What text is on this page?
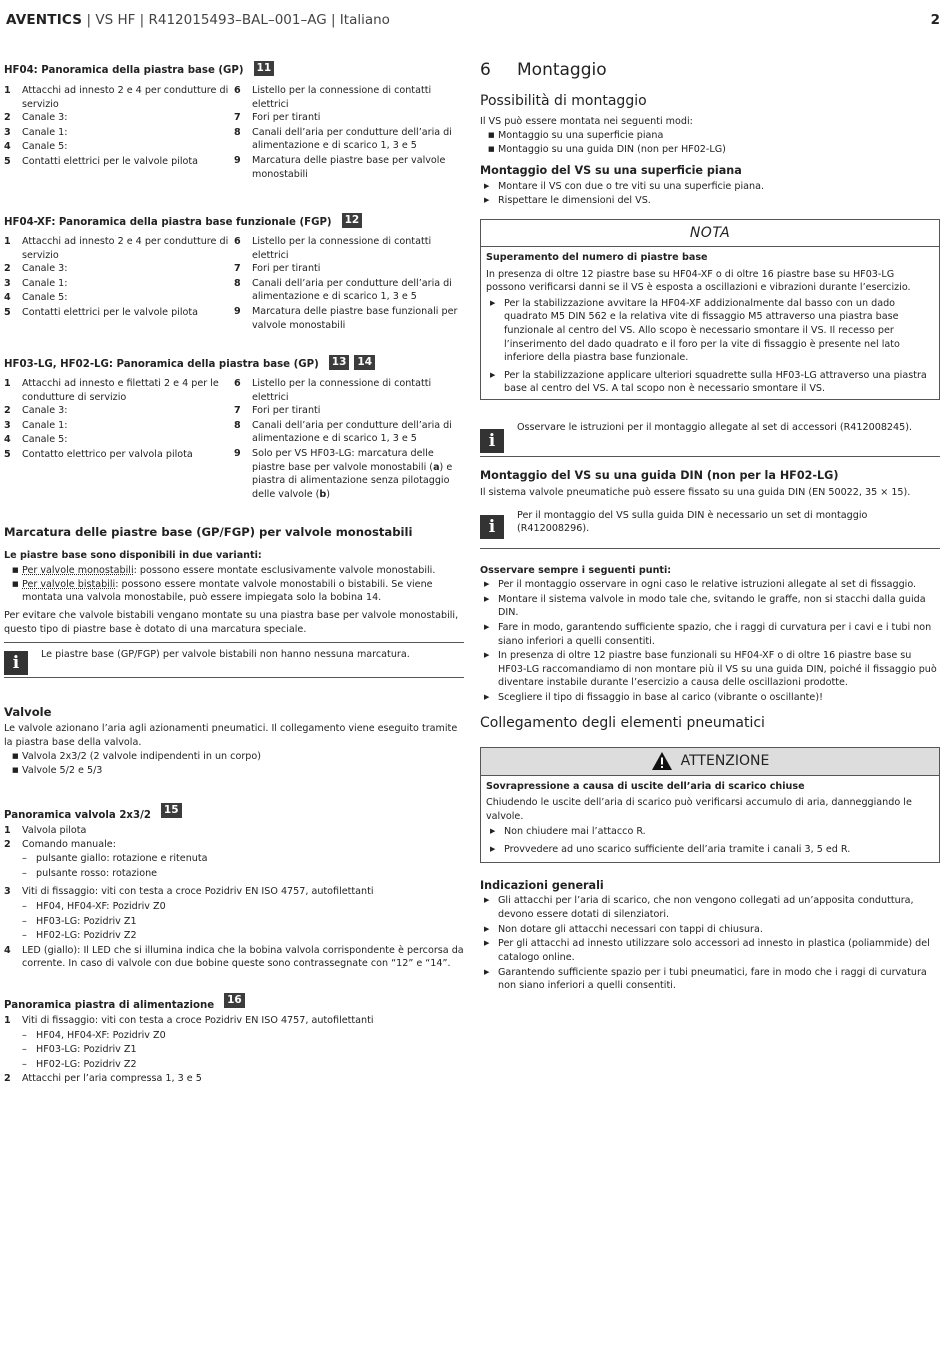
AVENTICS | VS HF | R412015493–BAL–001–AG | Italiano	2
HF04: Panoramica della piastra base (GP) 11
1	Attacchi ad innesto 2 e 4 per condutture di servizio
2	Canale 3:
3	Canale 1:
4	Canale 5:
5	Contatti elettrici per le valvole pilota
6	Listello per la connessione di contatti elettrici
7	Fori per tiranti
8	Canali dell’aria per condutture dell’aria di alimentazione e di scarico 1, 3 e 5
9	Marcatura delle piastre base per valvole monostabili
HF04-XF: Panoramica della piastra base funzionale (FGP) 12
1	Attacchi ad innesto 2 e 4 per condutture di servizio
2	Canale 3:
3	Canale 1:
4	Canale 5:
5	Contatti elettrici per le valvole pilota
6	Listello per la connessione di contatti elettrici
7	Fori per tiranti
8	Canali dell’aria per condutture dell’aria di alimentazione e di scarico 1, 3 e 5
9	Marcatura delle piastre base funzionali per valvole monostabili
HF03-LG, HF02-LG: Panoramica della piastra base (GP) 13 14
1	Attacchi ad innesto e filettati 2 e 4 per le condutture di servizio
2	Canale 3:
3	Canale 1:
4	Canale 5:
5	Contatto elettrico per valvola pilota
6	Listello per la connessione di contatti elettrici
7	Fori per tiranti
8	Canali dell’aria per condutture dell’aria di alimentazione e di scarico 1, 3 e 5
9	Solo per VS HF03-LG: marcatura delle piastre base per valvole monostabili (a) e piastra di alimentazione senza pilotaggio delle valvole (b)
Marcatura delle piastre base (GP/FGP) per valvole monostabili
Le piastre base sono disponibili in due varianti:
■ Per valvole monostabili: possono essere montate esclusivamente valvole monostabili.
■ Per valvole bistabili: possono essere montate valvole monostabili o bistabili. Se viene montata una valvola monostabile, può essere impiegata solo la bobina 14.
Per evitare che valvole bistabili vengano montate su una piastra base per valvole monostabili, questo tipo di piastre base è dotato di una marcatura speciale.
i	Le piastre base (GP/FGP) per valvole bistabili non hanno nessuna marcatura.
Valvole
Le valvole azionano l’aria agli azionamenti pneumatici. Il collegamento viene eseguito tramite la piastra base della valvola.
■ Valvola 2x3/2 (2 valvole indipendenti in un corpo)
■ Valvole 5/2 e 5/3
Panoramica valvola 2x3/2 15
1	Valvola pilota
2	Comando manuale:
– pulsante giallo: rotazione e ritenuta
– pulsante rosso: rotazione
3	Viti di fissaggio: viti con testa a croce Pozidriv EN ISO 4757, autofilettanti
– HF04, HF04-XF: Pozidriv Z0
– HF03-LG: Pozidriv Z1
– HF02-LG: Pozidriv Z2
4	LED (giallo): Il LED che si illumina indica che la bobina valvola corrispondente è percorsa da corrente. In caso di valvole con due bobine queste sono contrassegnate con “12” e “14”.
Panoramica piastra di alimentazione 16
1	Viti di fissaggio: viti con testa a croce Pozidriv EN ISO 4757, autofilettanti
– HF04, HF04-XF: Pozidriv Z0
– HF03-LG: Pozidriv Z1
– HF02-LG: Pozidriv Z2
2	Attacchi per l’aria compressa 1, 3 e 5
6	Montaggio
Possibilità di montaggio
Il VS può essere montata nei seguenti modi:
■ Montaggio su una superficie piana
■ Montaggio su una guida DIN (non per HF02-LG)
Montaggio del VS su una superficie piana
▶ Montare il VS con due o tre viti su una superficie piana.
▶ Rispettare le dimensioni del VS.
NOTA
Superamento del numero di piastre base
In presenza di oltre 12 piastre base su HF04-XF o di oltre 16 piastre base su HF03-LG possono verificarsi danni se il VS è esposta a oscillazioni e vibrazioni durante l’esercizio.
▶ Per la stabilizzazione avvitare la HF04-XF addizionalmente dal basso con un dado quadrato M5 DIN 562 e la relativa vite di fissaggio M5 attraverso una piastra base funzionale al centro del VS. Allo scopo è necessario smontare il VS. Il recesso per l’inserimento del dado quadrato e il foro per la vite di fissaggio è presente nel lato inferiore della piastra base funzionale.
▶ Per la stabilizzazione applicare ulteriori squadrette sulla HF03-LG attraverso una piastra base al centro del VS. A tal scopo non è necessario smontare il VS.
i
Osservare le istruzioni per il montaggio allegate al set di accessori (R412008245).
Montaggio del VS su una guida DIN (non per la HF02-LG)
Il sistema valvole pneumatiche può essere fissato su una guida DIN (EN 50022, 35 × 15).
i
Per il montaggio del VS sulla guida DIN è necessario un set di montaggio (R412008296).
Osservare sempre i seguenti punti:
▶ Per il montaggio osservare in ogni caso le relative istruzioni allegate al set di fissaggio.
▶ Montare il sistema valvole in modo tale che, svitando le graffe, non si stacchi dalla guida DIN.
▶ Fare in modo, garantendo sufficiente spazio, che i raggi di curvatura per i cavi e i tubi non siano inferiori a quelli consentiti.
▶ In presenza di oltre 12 piastre base funzionali su HF04-XF o di oltre 16 piastre base su HF03-LG raccomandiamo di non montare più il VS su una guida DIN, poiché il fissaggio può diventare instabile durante l’esercizio a causa delle oscillazioni prodotte.
▶ Scegliere il tipo di fissaggio in base al carico (vibrante o oscillante)!
Collegamento degli elementi pneumatici
ATTENZIONE
Sovrapressione a causa di uscite dell’aria di scarico chiuse
Chiudendo le uscite dell’aria di scarico può verificarsi accumulo di aria, danneggiando le valvole.
▶ Non chiudere mai l’attacco R.
▶ Provvedere ad uno scarico sufficiente dell’aria tramite i canali 3, 5 ed R.
Indicazioni generali
▶ Gli attacchi per l’aria di scarico, che non vengono collegati ad un’apposita conduttura, devono essere dotati di silenziatori.
▶ Non dotare gli attacchi necessari con tappi di chiusura.
▶ Per gli attacchi ad innesto utilizzare solo accessori ad innesto in plastica (poliammide) del catalogo online.
▶ Garantendo sufficiente spazio per i tubi pneumatici, fare in modo che i raggi di curvatura non siano inferiori a quelli consentiti.
